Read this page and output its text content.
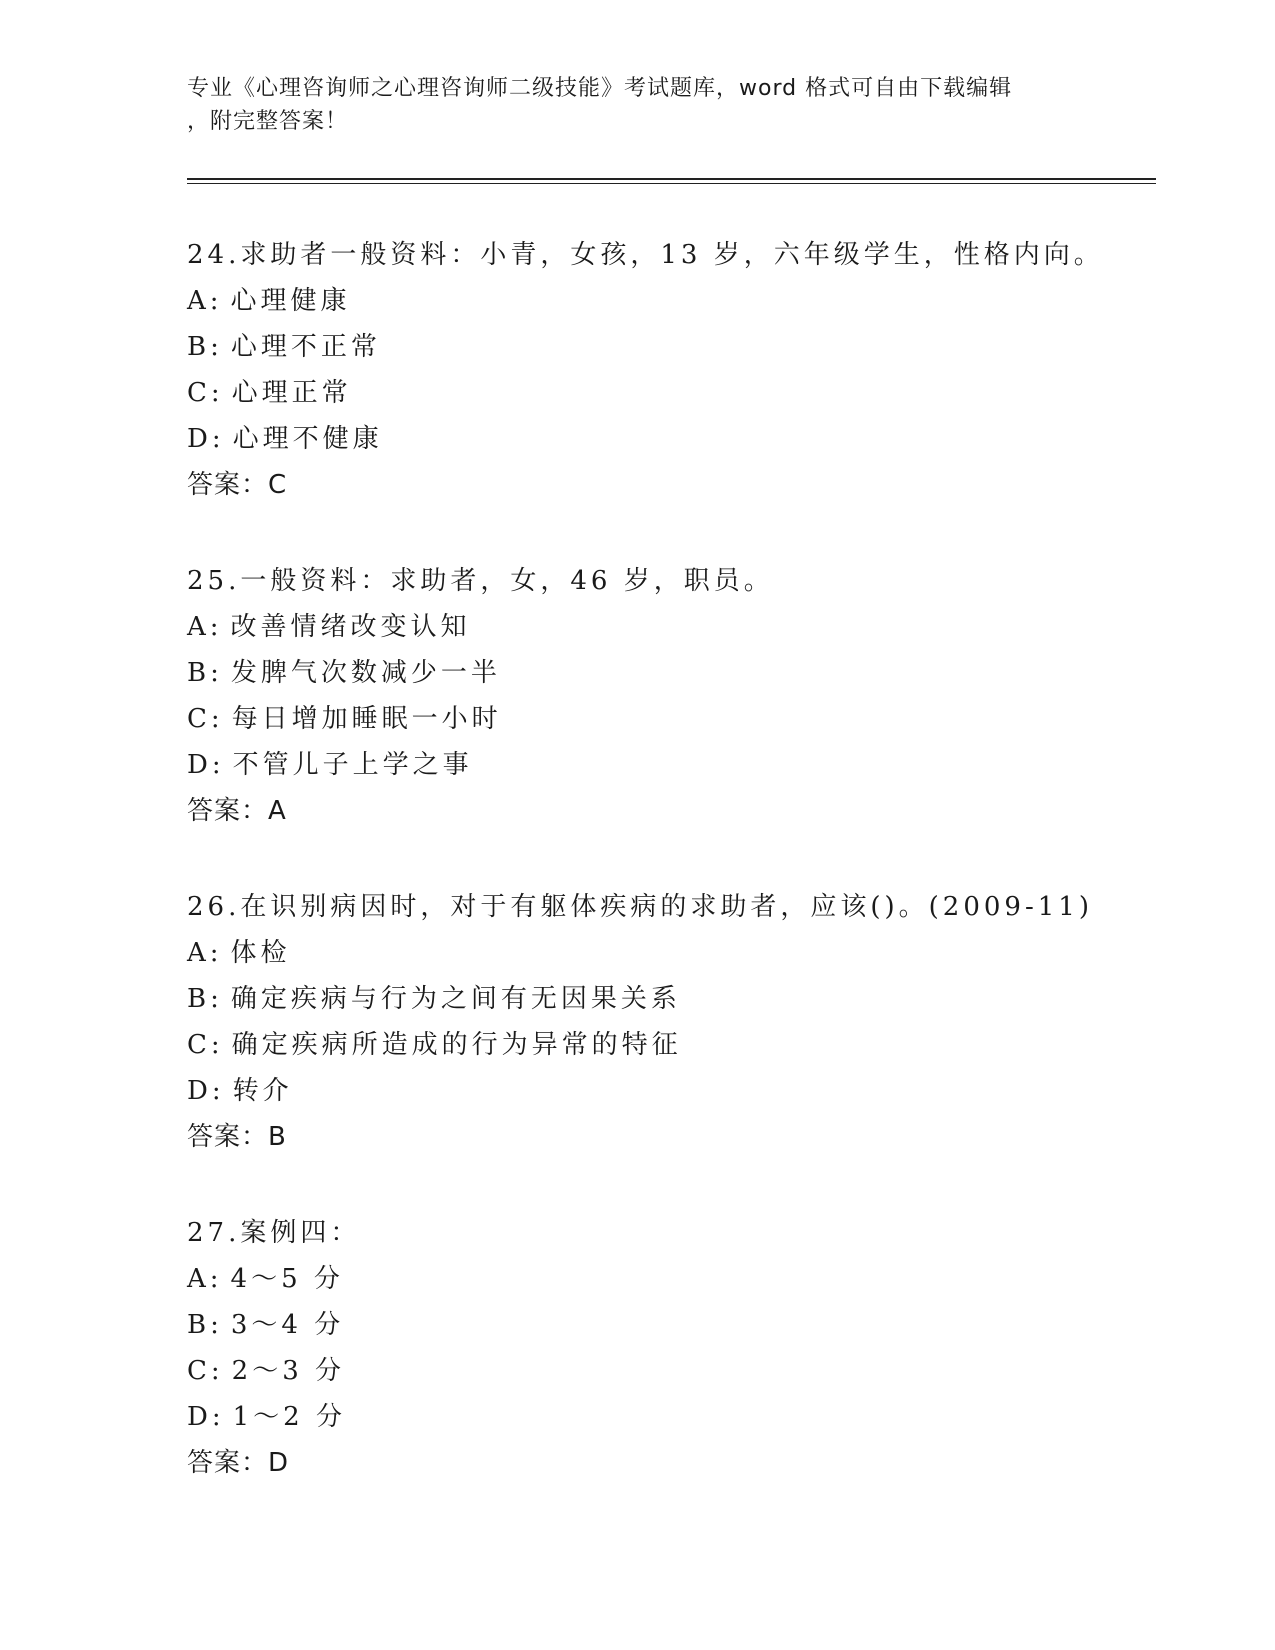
专业《心理咨询师之心理咨询师二级技能》考试题库，word 格式可自由下载编辑
，附完整答案！
24.求助者一般资料：小青，女孩，13 岁，六年级学生，性格内向。
A: 心理健康
B: 心理不正常
C: 心理正常
D: 心理不健康
答案：C
25.一般资料：求助者，女，46 岁，职员。
A: 改善情绪改变认知
B: 发脾气次数减少一半
C: 每日增加睡眠一小时
D: 不管儿子上学之事
答案：A
26.在识别病因时，对于有躯体疾病的求助者，应该()。(2009-11)
A: 体检
B: 确定疾病与行为之间有无因果关系
C: 确定疾病所造成的行为异常的特征
D: 转介
答案：B
27.案例四：
A: 4～5 分
B: 3～4 分
C: 2～3 分
D: 1～2 分
答案：D
